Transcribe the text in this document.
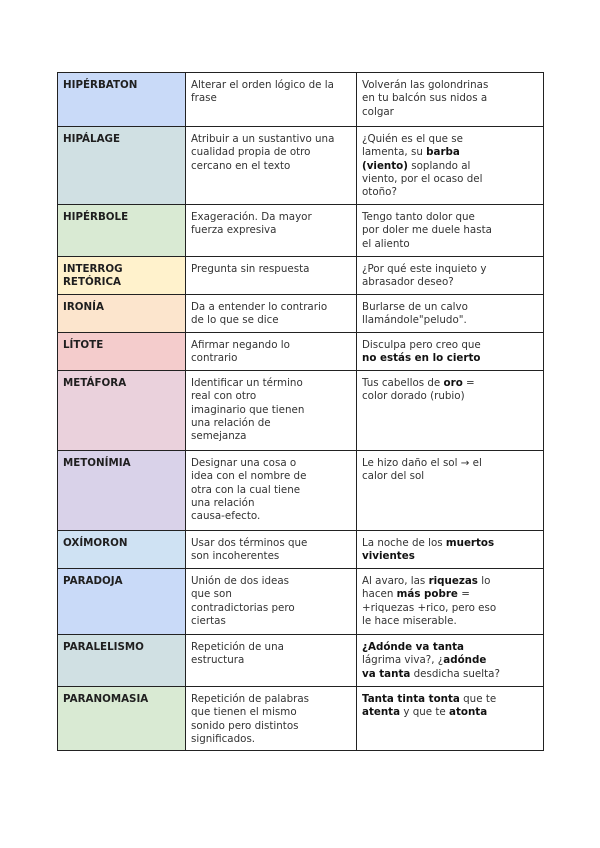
HIPÉRBATON	Alterar el orden lógico de la
frase	Volverán las golondrinas
en tu balcón sus nidos a
colgar

HIPÁLAGE	Atribuir a un sustantivo una
cualidad propia de otro
cercano en el texto	¿Quién es el que se
lamenta, su barba
(viento) soplando al
viento, por el ocaso del
otoño?

HIPÉRBOLE	Exageración. Da mayor
fuerza expresiva	Tengo tanto dolor que
por doler me duele hasta
el aliento

INTERROG
RETÓRICA	Pregunta sin respuesta	¿Por qué este inquieto y
abrasador deseo?

IRONÍA	Da a entender lo contrario
de lo que se dice	Burlarse de un calvo
llamándole"peludo".

LÍTOTE	Afirmar negando lo
contrario	Disculpa pero creo que
no estás en lo cierto

METÁFORA	Identificar un término
real con otro
imaginario que tienen
una relación de
semejanza	Tus cabellos de oro =
color dorado (rubio)

METONÍMIA	Designar una cosa o
idea con el nombre de
otra con la cual tiene
una relación
causa-efecto.	Le hizo daño el sol → el
calor del sol

OXÍMORON	Usar dos términos que
son incoherentes	La noche de los muertos
vivientes

PARADOJA	Unión de dos ideas
que son
contradictorias pero
ciertas	Al avaro, las riquezas lo
hacen más pobre =
+riquezas +rico, pero eso
le hace miserable.

PARALELISMO	Repetición de una
estructura	¿Adónde va tanta
lágrima viva?, ¿adónde
va tanta desdicha suelta?

PARANOMASIA	Repetición de palabras
que tienen el mismo
sonido pero distintos
significados.	Tanta tinta tonta que te
atenta y que te atonta
